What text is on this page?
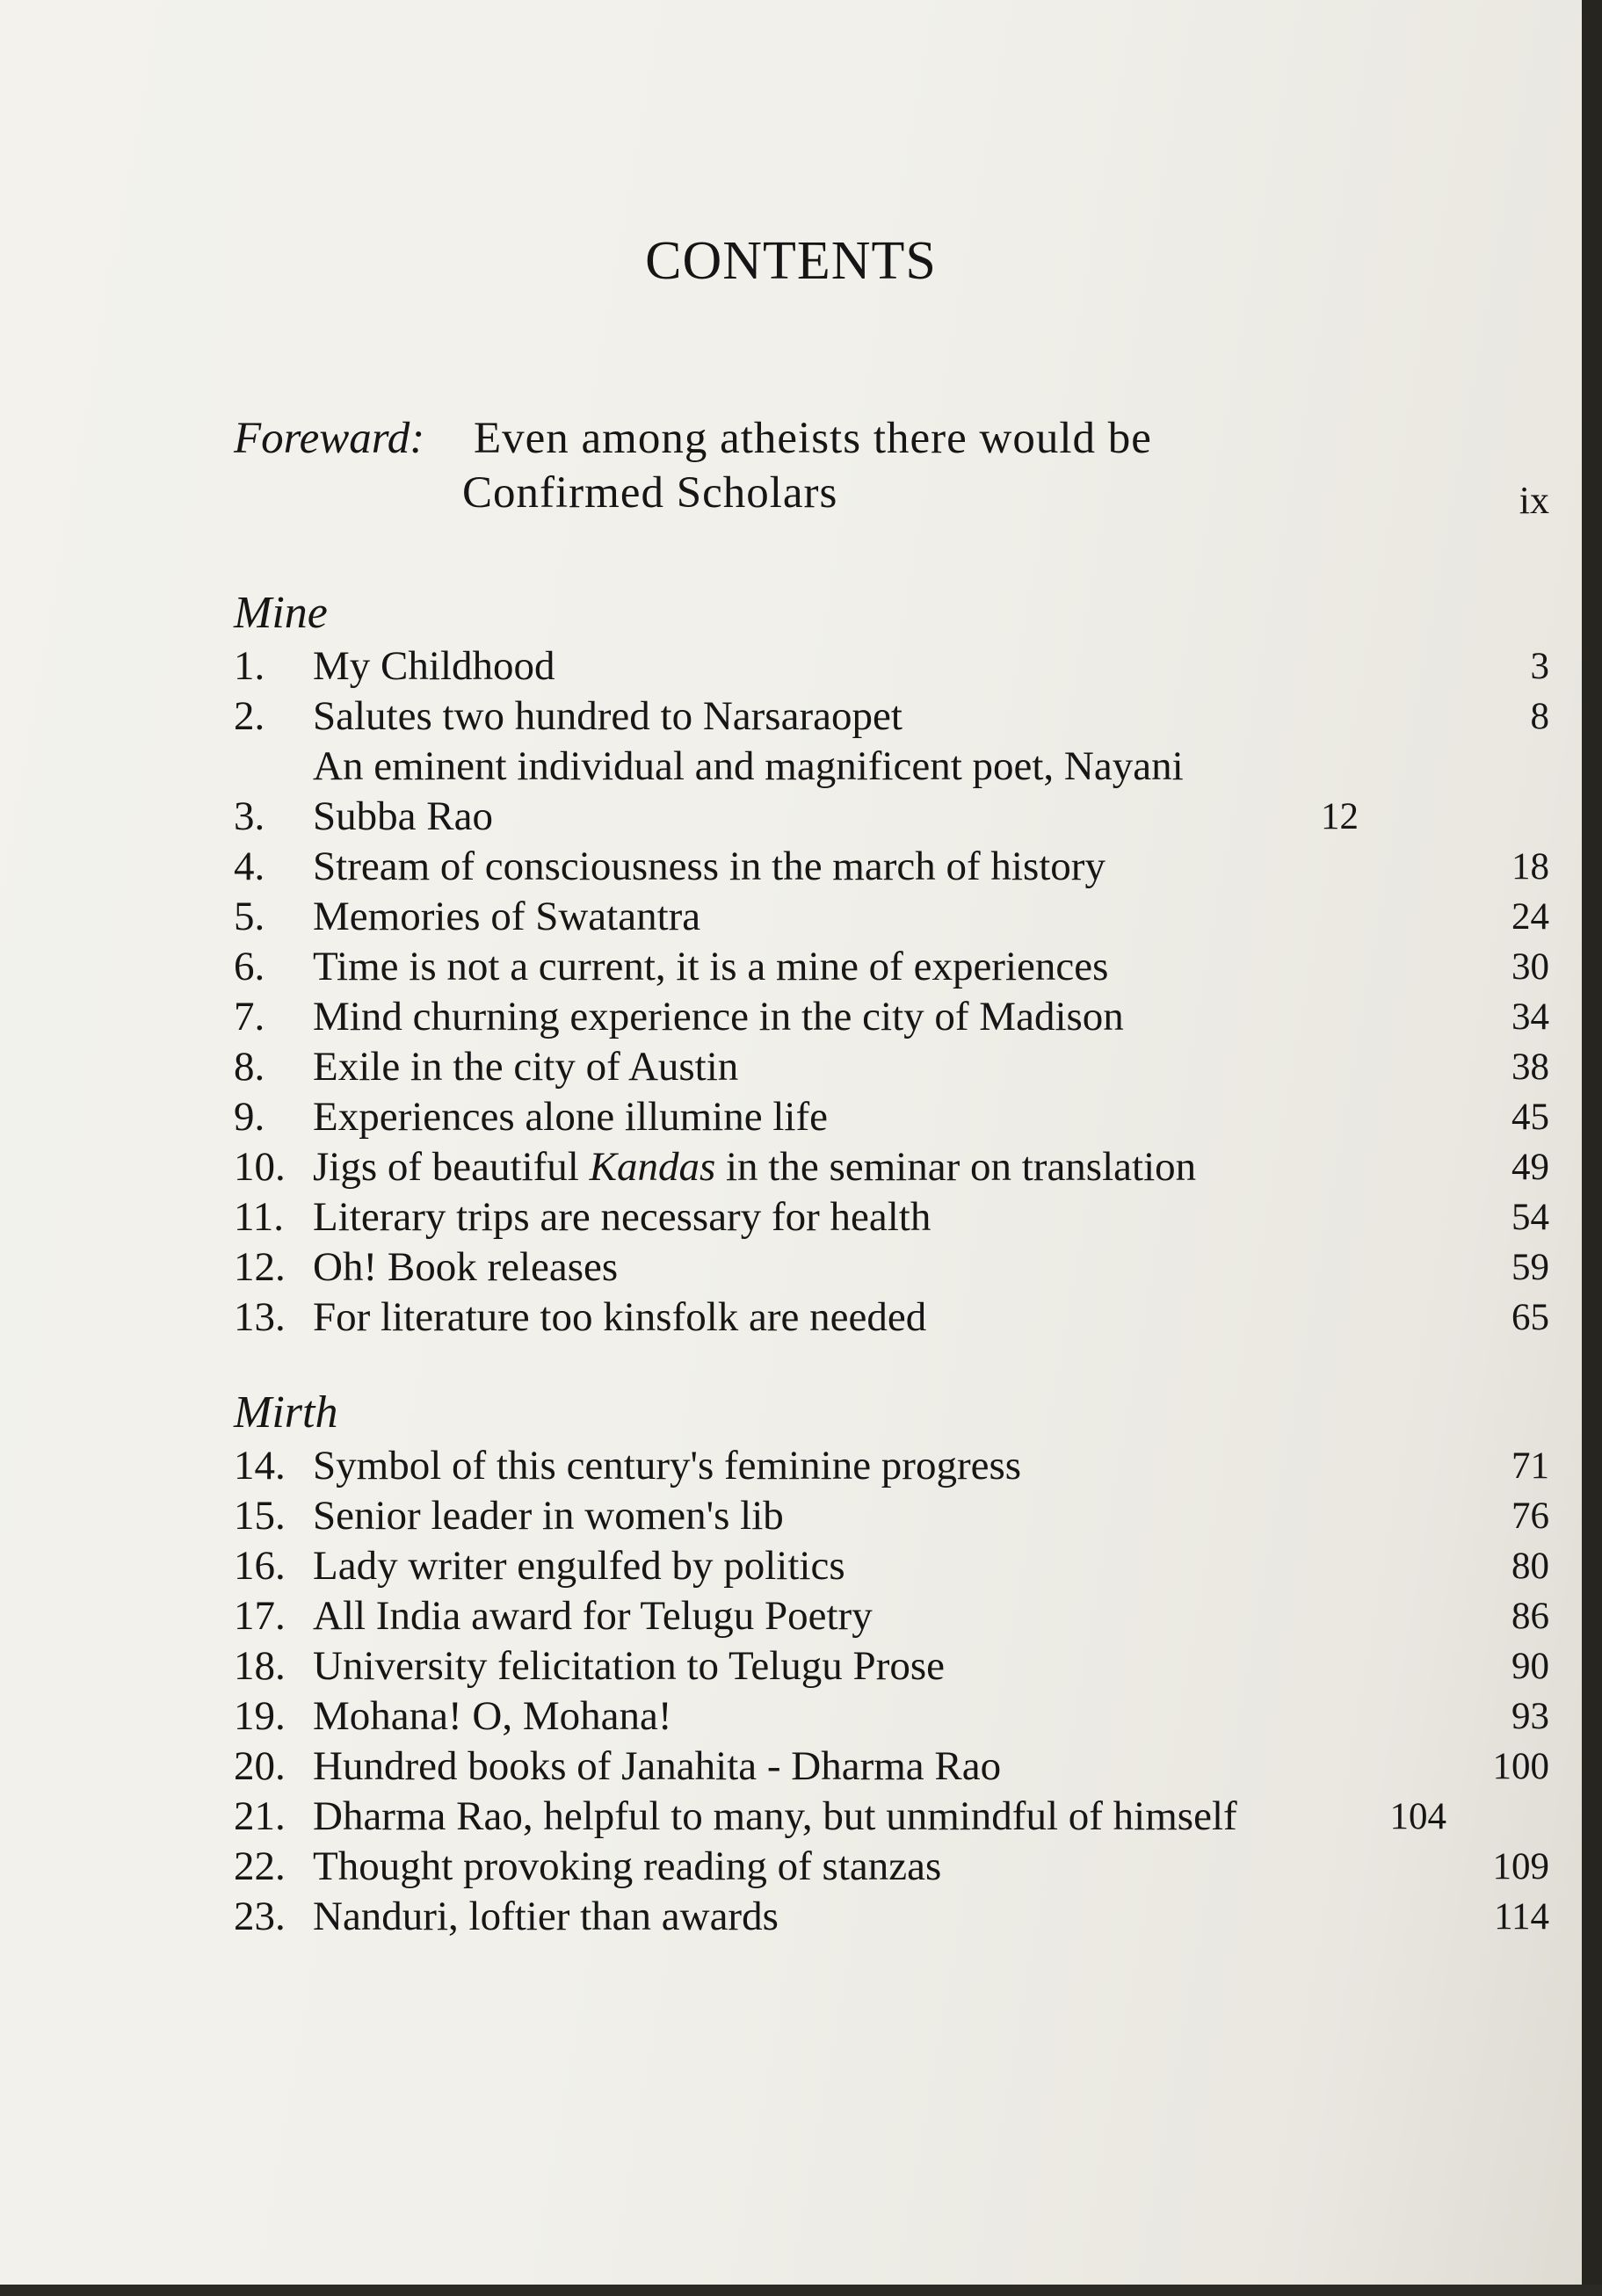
CONTENTS
Foreward: Even among atheists there would be
Confirmed Scholars	ix
Mine
1.	My Childhood	3
2.	Salutes two hundred to Narsaraopet	8
3.
An eminent individual and magnificent poet, Nayani Subba Rao	12
4.	Stream of consciousness in the march of history	18
5.	Memories of Swatantra	24
6.	Time is not a current, it is a mine of experiences	30
7.	Mind churning experience in the city of Madison	34
8.	Exile in the city of Austin	38
9.	Experiences alone illumine life	45
10. Jigs of beautiful Kandas in the seminar on translation	49
11. Literary trips are necessary for health	54
12. Oh! Book releases	59
13. For literature too kinsfolk are needed	65
Mirth
14. Symbol of this century's feminine progress	71
15. Senior leader in women's lib	76
16. Lady writer engulfed by politics	80
17. All India award for Telugu Poetry	86
18. University felicitation to Telugu Prose	90
19. Mohana! O, Mohana!	93
20. Hundred books of Janahita - Dharma Rao	100
21. Dharma Rao, helpful to many, but unmindful of himself	104
22. Thought provoking reading of stanzas	109
23. Nanduri, loftier than awards	114
